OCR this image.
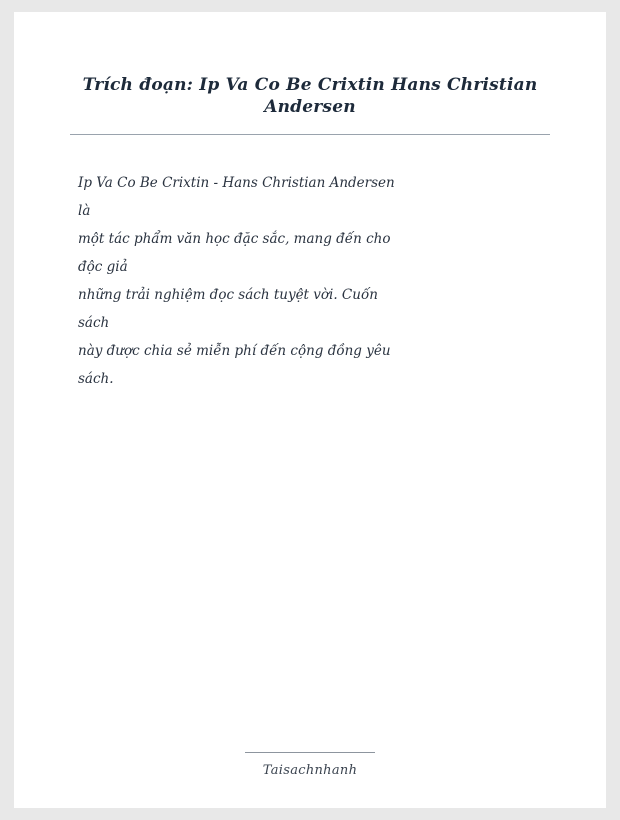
Trích đoạn: Ip Va Co Be Crixtin Hans Christian Andersen
Ip Va Co Be Crixtin - Hans Christian Andersen
là
một tác phẩm văn học đặc sắc, mang đến cho
độc giả
những trải nghiệm đọc sách tuyệt vời. Cuốn
sách
này được chia sẻ miễn phí đến cộng đồng yêu
sách.
Taisachnhanh
